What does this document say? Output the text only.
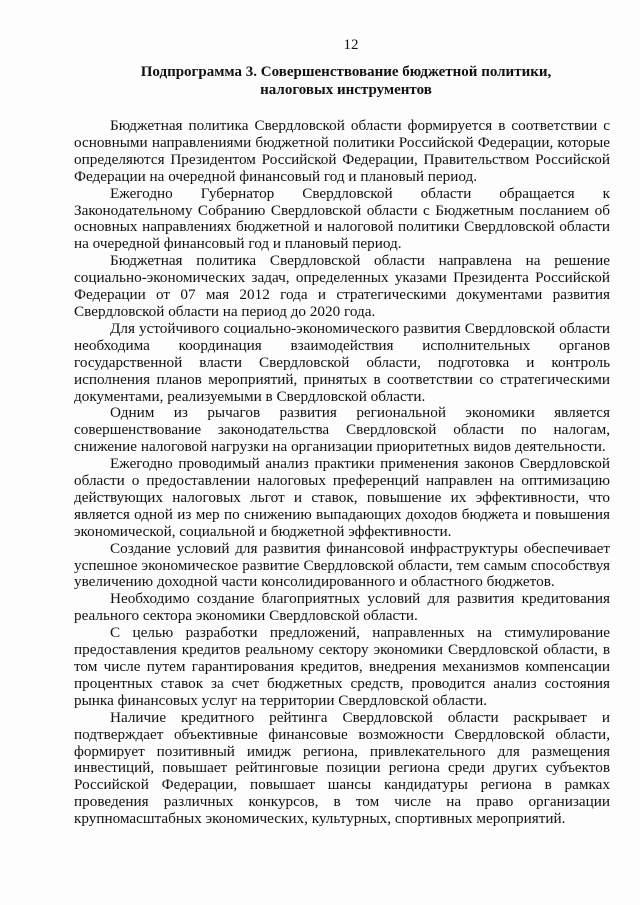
12
Подпрограмма 3. Совершенствование бюджетной политики,
налоговых инструментов

Бюджетная политика Свердловской области формируется в соответствии с основными направлениями бюджетной политики Российской Федерации, которые определяются Президентом Российской Федерации, Правительством Российской Федерации на очередной финансовый год и плановый период.

Ежегодно Губернатор Свердловской области обращается к Законодательному Собранию Свердловской области с Бюджетным посланием об основных направлениях бюджетной и налоговой политики Свердловской области на очередной финансовый год и плановый период.

Бюджетная политика Свердловской области направлена на решение социально-экономических задач, определенных указами Президента Российской Федерации от 07 мая 2012 года и стратегическими документами развития Свердловской области на период до 2020 года.

Для устойчивого социально-экономического развития Свердловской области необходима координация взаимодействия исполнительных органов государственной власти Свердловской области, подготовка и контроль исполнения планов мероприятий, принятых в соответствии со стратегическими документами, реализуемыми в Свердловской области.

Одним из рычагов развития региональной экономики является совершенствование законодательства Свердловской области по налогам, снижение налоговой нагрузки на организации приоритетных видов деятельности.

Ежегодно проводимый анализ практики применения законов Свердловской области о предоставлении налоговых преференций направлен на оптимизацию действующих налоговых льгот и ставок, повышение их эффективности, что является одной из мер по снижению выпадающих доходов бюджета и повышения экономической, социальной и бюджетной эффективности.

Создание условий для развития финансовой инфраструктуры обеспечивает успешное экономическое развитие Свердловской области, тем самым способствуя увеличению доходной части консолидированного и областного бюджетов.

Необходимо создание благоприятных условий для развития кредитования реального сектора экономики Свердловской области.

С целью разработки предложений, направленных на стимулирование предоставления кредитов реальному сектору экономики Свердловской области, в том числе путем гарантирования кредитов, внедрения механизмов компенсации процентных ставок за счет бюджетных средств, проводится анализ состояния рынка финансовых услуг на территории Свердловской области.

Наличие кредитного рейтинга Свердловской области раскрывает и подтверждает объективные финансовые возможности Свердловской области, формирует позитивный имидж региона, привлекательного для размещения инвестиций, повышает рейтинговые позиции региона среди других субъектов Российской Федерации, повышает шансы кандидатуры региона в рамках проведения различных конкурсов, в том числе на право организации крупномасштабных экономических, культурных, спортивных мероприятий.
